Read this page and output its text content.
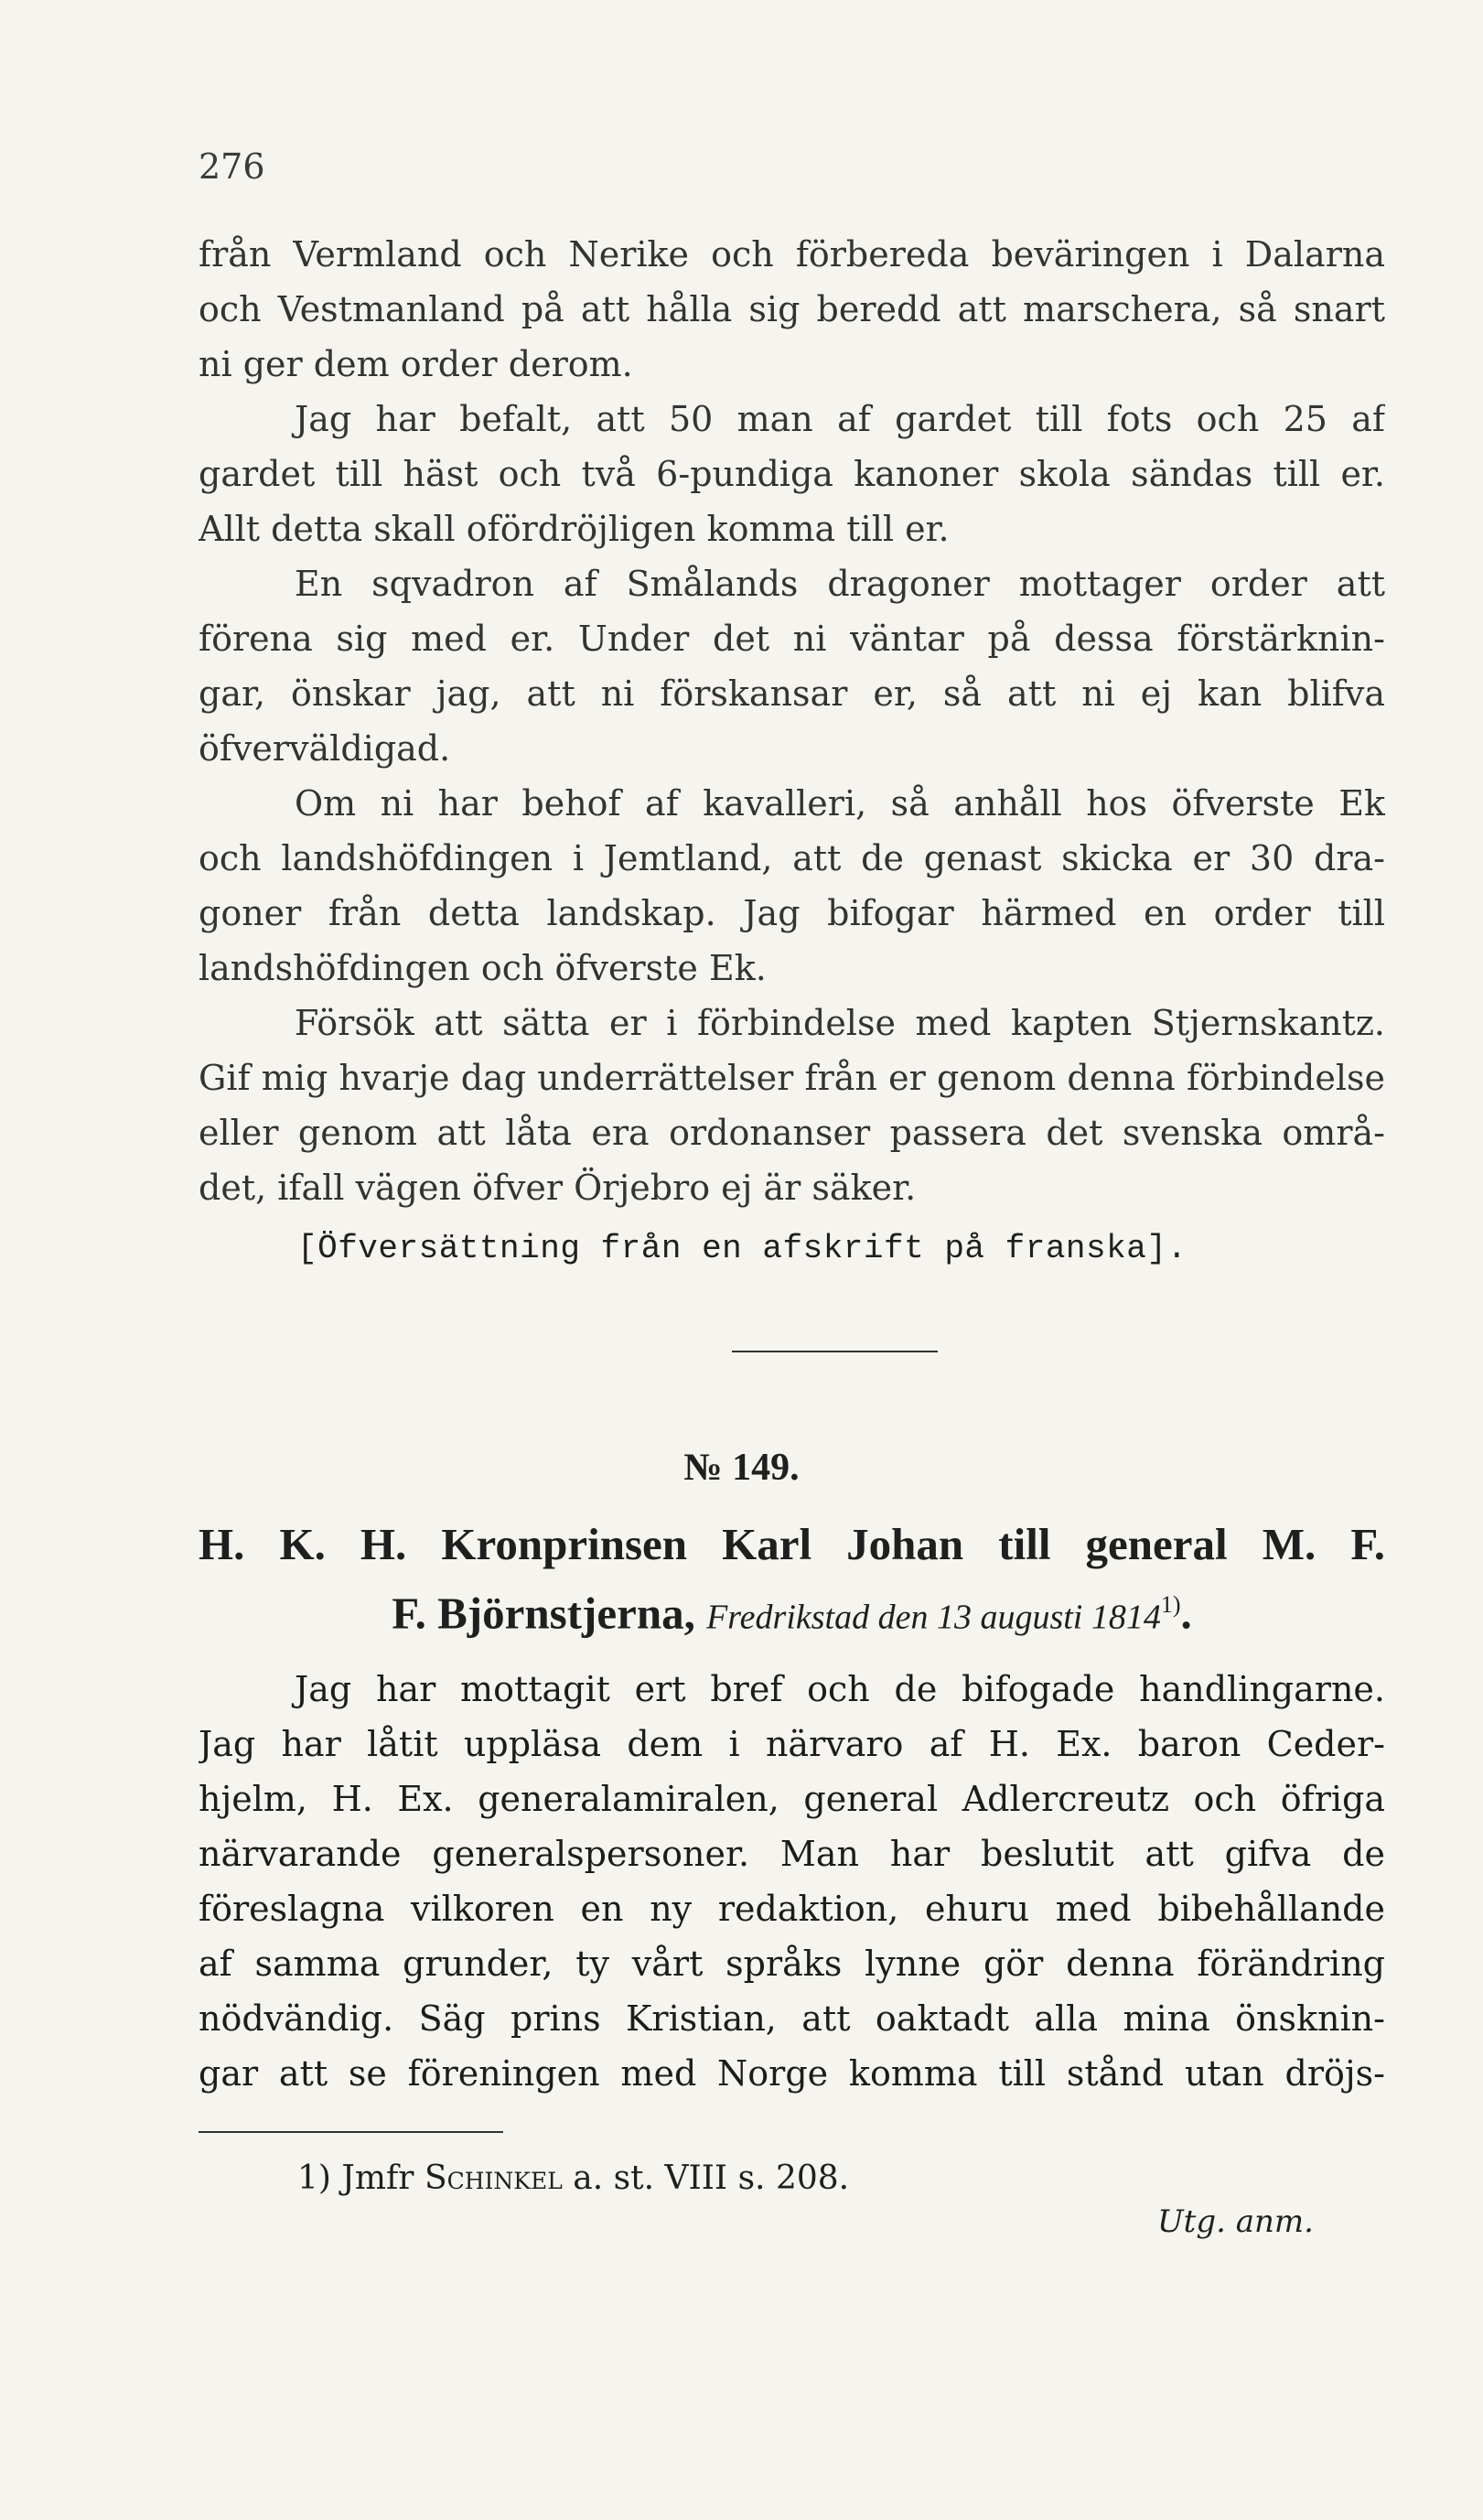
276
från Vermland och Nerike och förbereda beväringen i Dalarna
och Vestmanland på att hålla sig beredd att marschera, så snart
ni ger dem order derom.
Jag har befalt, att 50 man af gardet till fots och 25 af
gardet till häst och två 6-pundiga kanoner skola sändas till er.
Allt detta skall ofördröjligen komma till er.
En sqvadron af Smålands dragoner mottager order att
förena sig med er. Under det ni väntar på dessa förstärknin-
gar, önskar jag, att ni förskansar er, så att ni ej kan blifva
öfverväldigad.
Om ni har behof af kavalleri, så anhåll hos öfverste Ek
och landshöfdingen i Jemtland, att de genast skicka er 30 dra-
goner från detta landskap. Jag bifogar härmed en order till
landshöfdingen och öfverste Ek.
Försök att sätta er i förbindelse med kapten Stjernskantz.
Gif mig hvarje dag underrättelser från er genom denna förbindelse
eller genom att låta era ordonanser passera det svenska områ-
det, ifall vägen öfver Örjebro ej är säker.
[Öfversättning från en afskrift på franska].
№ 149.
H. K. H. Kronprinsen Karl Johan till general M. F.
F. Björnstjerna, Fredrikstad den 13 augusti 1814$^{1)}$.
Jag har mottagit ert bref och de bifogade handlingarne.
Jag har låtit uppläsa dem i närvaro af H. Ex. baron Ceder-
hjelm, H. Ex. generalamiralen, general Adlercreutz och öfriga
närvarande generalspersoner. Man har beslutit att gifva de
föreslagna vilkoren en ny redaktion, ehuru med bibehållande
af samma grunder, ty vårt språks lynne gör denna förändring
nödvändig. Säg prins Kristian, att oaktadt alla mina önsknin-
gar att se föreningen med Norge komma till stånd utan dröjs-
1) Jmfr Schinkel a. st. VIII s. 208.
Utg. anm.
